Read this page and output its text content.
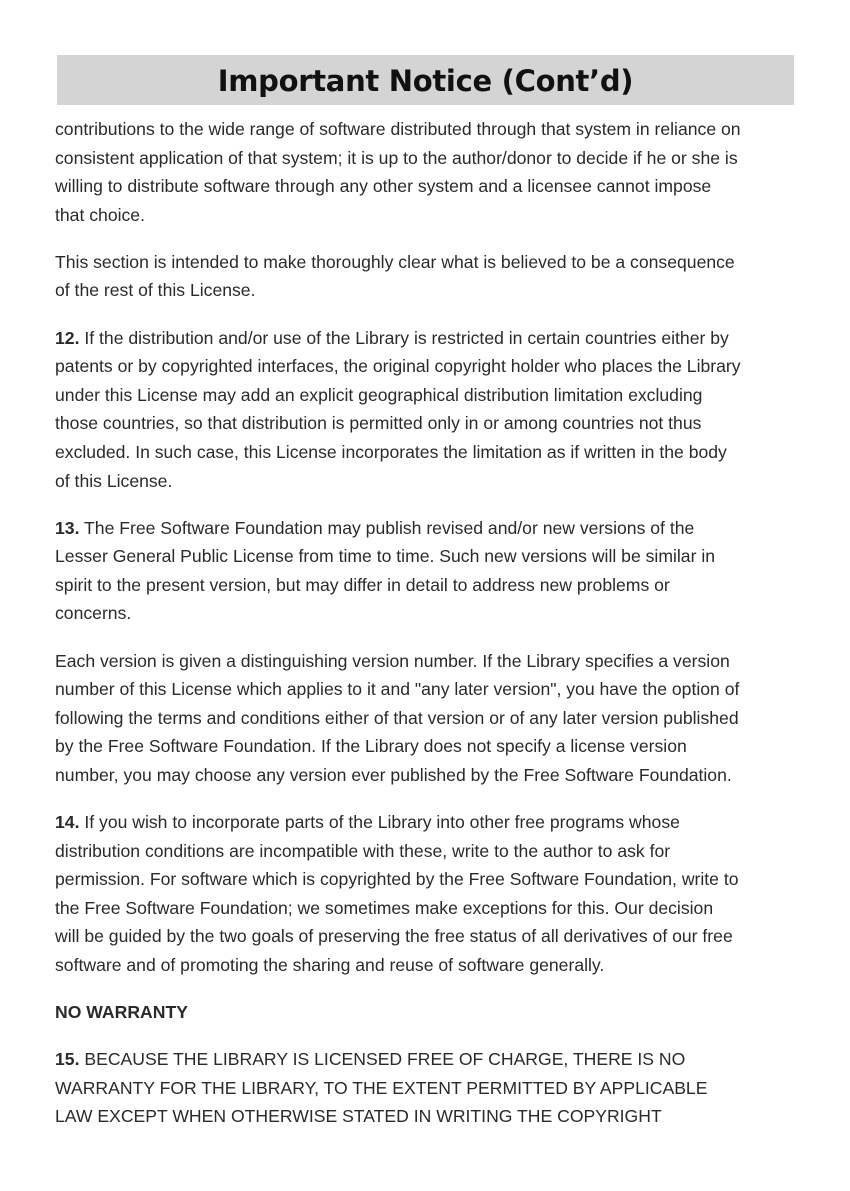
Important Notice (Cont’d)

contributions to the wide range of software distributed through that system in reliance on
consistent application of that system; it is up to the author/donor to decide if he or she is
willing to distribute software through any other system and a licensee cannot impose
that choice.

This section is intended to make thoroughly clear what is believed to be a consequence
of the rest of this License.

12. If the distribution and/or use of the Library is restricted in certain countries either by
patents or by copyrighted interfaces, the original copyright holder who places the Library
under this License may add an explicit geographical distribution limitation excluding
those countries, so that distribution is permitted only in or among countries not thus
excluded. In such case, this License incorporates the limitation as if written in the body
of this License.

13. The Free Software Foundation may publish revised and/or new versions of the
Lesser General Public License from time to time. Such new versions will be similar in
spirit to the present version, but may differ in detail to address new problems or
concerns.

Each version is given a distinguishing version number. If the Library specifies a version
number of this License which applies to it and "any later version", you have the option of
following the terms and conditions either of that version or of any later version published
by the Free Software Foundation. If the Library does not specify a license version
number, you may choose any version ever published by the Free Software Foundation.

14. If you wish to incorporate parts of the Library into other free programs whose
distribution conditions are incompatible with these, write to the author to ask for
permission. For software which is copyrighted by the Free Software Foundation, write to
the Free Software Foundation; we sometimes make exceptions for this. Our decision
will be guided by the two goals of preserving the free status of all derivatives of our free
software and of promoting the sharing and reuse of software generally.

NO WARRANTY

15. BECAUSE THE LIBRARY IS LICENSED FREE OF CHARGE, THERE IS NO
WARRANTY FOR THE LIBRARY, TO THE EXTENT PERMITTED BY APPLICABLE
LAW EXCEPT WHEN OTHERWISE STATED IN WRITING THE COPYRIGHT
